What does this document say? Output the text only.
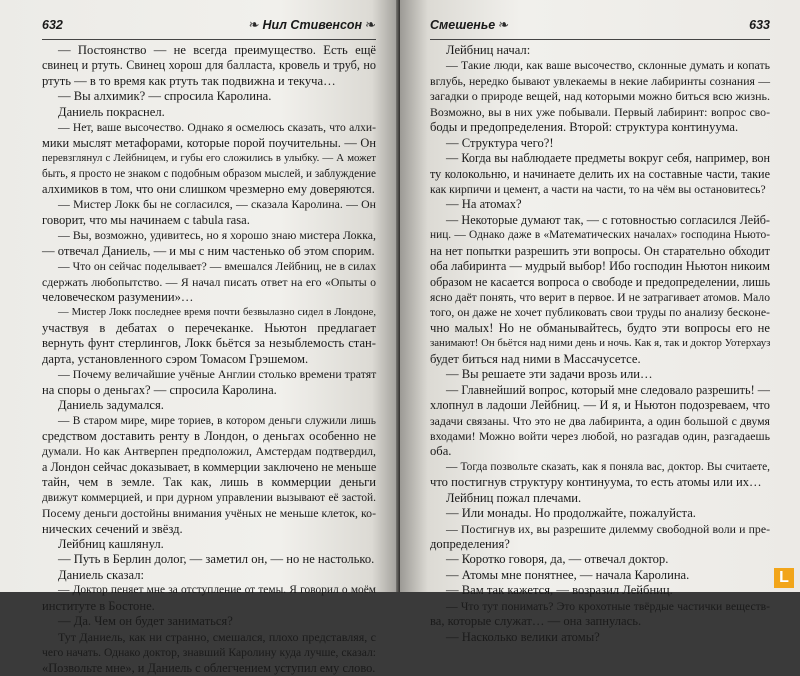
632	❧ Нил Стивенсон ❧
— Постоянство — не всегда преимущество. Есть ещё
свинец и ртуть. Свинец хорош для балласта, кровель и труб, но
ртуть — в то время как ртуть так подвижна и текуча…
— Вы алхимик? — спросила Каролина.
Даниель покраснел.
— Нет, ваше высочество. Однако я осмелюсь сказать, что алхи-
мики мыслят метафорами, которые порой поучительны. — Он
перевзглянул с Лейбницем, и губы его сложились в улыбку. — А может
быть, я просто не знаком с подобным образом мыслей, и заблуждение
алхимиков в том, что они слишком чрезмерно ему доверяются.
— Мистер Локк бы не согласился, — сказала Каролина. — Он
говорит, что мы начинаем с tabula rasa.
— Вы, возможно, удивитесь, но я хорошо знаю мистера Локка,
— отвечал Даниель, — и мы с ним частенько об этом спорим.
— Что он сейчас поделывает? — вмешался Лейбниц, не в силах
сдержать любопытство. — Я начал писать ответ на его «Опыты о
человеческом разумении»…
— Мистер Локк последнее время почти безвылазно сидел в Лондоне,
участвуя в дебатах о перечеканке. Ньютон предлагает
вернуть фунт стерлингов, Локк бьётся за незыблемость стан-
дарта, установленного сэром Томасом Грэшемом.
— Почему величайшие учёные Англии столько времени тратят
на споры о деньгах? — спросила Каролина.
Даниель задумался.
— В старом мире, мире ториев, в котором деньги служили лишь
средством доставить ренту в Лондон, о деньгах особенно не
думали. Но как Антверпен предположил, Амстердам подтвердил,
а Лондон сейчас доказывает, в коммерции заключено не меньше
тайн, чем в земле. Так как, лишь в коммерции деньги
движут коммерцией, и при дурном управлении вызывают её застой.
Посему деньги достойны внимания учёных не меньше клеток, ко-
нических сечений и звёзд.
Лейбниц кашлянул.
— Путь в Берлин долог, — заметил он, — но не настолько.
Даниель сказал:
— Доктор пеняет мне за отступление от темы. Я говорил о моём
институте в Бостоне.
— Да. Чем он будет заниматься?
Тут Даниель, как ни странно, смешался, плохо представляя, с
чего начать. Однако доктор, знавший Каролину куда лучше, сказал:
«Позвольте мне», и Даниель с облегчением уступил ему слово.
Смешенье ❧	633
Лейбниц начал:
— Такие люди, как ваше высочество, склонные думать и копать
вглубь, нередко бывают увлекаемы в некие лабиринты сознания —
загадки о природе вещей, над которыми можно биться всю жизнь.
Возможно, вы в них уже побывали. Первый лабиринт: вопрос сво-
боды и предопределения. Второй: структура континуума.
— Структура чего?!
— Когда вы наблюдаете предметы вокруг себя, например, вон
ту колокольню, и начинаете делить их на составные части, такие
как кирпичи и цемент, а части на части, то на чём вы остановитесь?
— На атомах?
— Некоторые думают так, — с готовностью согласился Лейб-
ниц. — Однако даже в «Математических началах» господина Ньюто-
на нет попытки разрешить эти вопросы. Он старательно обходит
оба лабиринта — мудрый выбор! Ибо господин Ньютон никоим
образом не касается вопроса о свободе и предопределении, лишь
ясно даёт понять, что верит в первое. И не затрагивает атомов. Мало
того, он даже не хочет публиковать свои труды по анализу бесконе-
чно малых! Но не обманывайтесь, будто эти вопросы его не
занимают! Он бьётся над ними день и ночь. Как я, так и доктор Уотерхауз
будет биться над ними в Массачусетсе.
— Вы решаете эти задачи врозь или…
— Главнейший вопрос, который мне следовало разрешить! —
хлопнул в ладоши Лейбниц. — И я, и Ньютон подозреваем, что
задачи связаны. Что это не два лабиринта, а один большой с двумя
входами! Можно войти через любой, но разгадав один, разгадаешь
оба.
— Тогда позвольте сказать, как я поняла вас, доктор. Вы считаете,
что постигнув структуру континуума, то есть атомы или их…
Лейбниц пожал плечами.
— Или монады. Но продолжайте, пожалуйста.
— Постигнув их, вы разрешите дилемму свободной воли и пре-
допределения?
— Коротко говоря, да, — отвечал доктор.
— Атомы мне понятнее, — начала Каролина.
— Вам так кажется, — возразил Лейбниц.
— Что тут понимать? Это крохотные твёрдые частички веществ-
ва, которые служат… — она запнулась.
— Насколько велики атомы?
L
